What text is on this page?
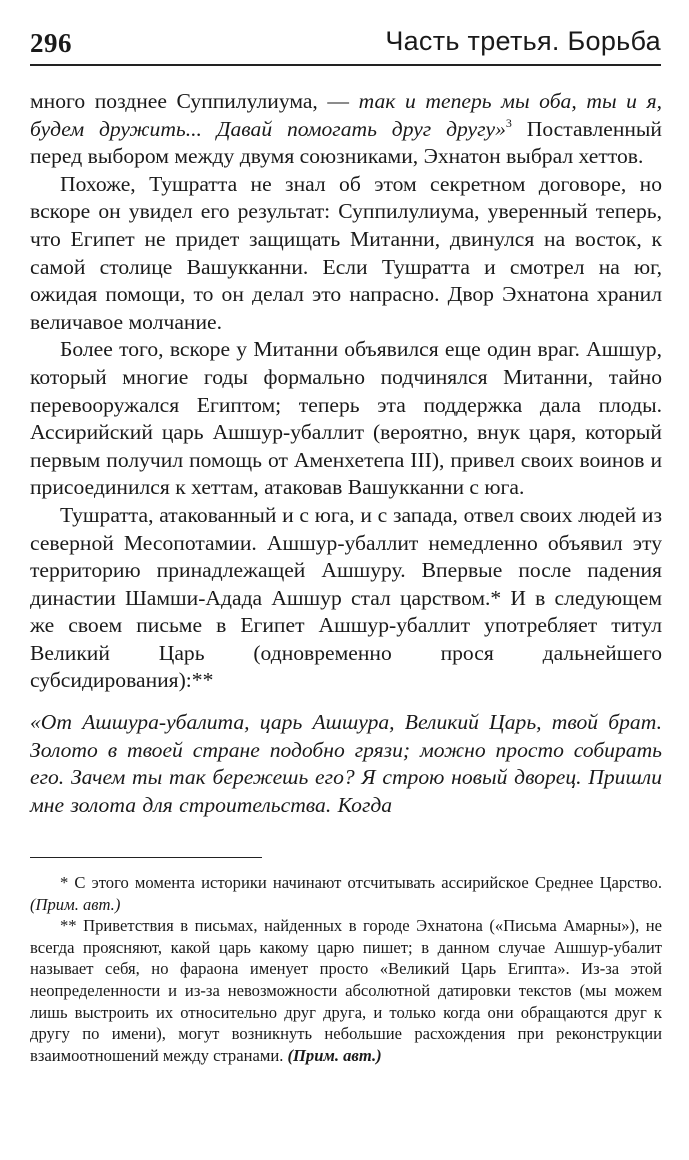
296	Часть третья. Борьба

много позднее Суппилулиума, — так и теперь мы оба, ты и я, будем дружить... Давай помогать друг другу»$^3$ Поставленный перед выбором между двумя союзниками, Эхнатон выбрал хеттов.

Похоже, Тушратта не знал об этом секретном договоре, но вскоре он увидел его результат: Суппилулиума, уверенный теперь, что Египет не придет защищать Митанни, двинулся на восток, к самой столице Вашукканни. Если Тушратта и смотрел на юг, ожидая помощи, то он делал это напрасно. Двор Эхнатона хранил величавое молчание.

Более того, вскоре у Митанни объявился еще один враг. Ашшур, который многие годы формально подчинялся Митанни, тайно перевооружался Египтом; теперь эта поддержка дала плоды. Ассирийский царь Ашшур-убаллит (вероятно, внук царя, который первым получил помощь от Аменхетепа III), привел своих воинов и присоединился к хеттам, атаковав Вашукканни с юга.

Тушратта, атакованный и с юга, и с запада, отвел своих людей из северной Месопотамии. Ашшур-убаллит немедленно объявил эту территорию принадлежащей Ашшуру. Впервые после падения династии Шамши-Адада Ашшур стал царством.* И в следующем же своем письме в Египет Ашшур-убаллит употребляет титул Великий Царь (одновременно прося дальнейшего субсидирования):**

«От Ашшура-убалита, царь Ашшура, Великий Царь, твой брат. Золото в твоей стране подобно грязи; можно просто собирать его. Зачем ты так бережешь его? Я строю новый дворец. Пришли мне золота для строительства. Когда

* С этого момента историки начинают отсчитывать ассирийское Среднее Царство. (Прим. авт.)

** Приветствия в письмах, найденных в городе Эхнатона («Письма Амарны»), не всегда проясняют, какой царь какому царю пишет; в данном случае Ашшур-убалит называет себя, но фараона именует просто «Великий Царь Египта». Из-за этой неопределенности и из-за невозможности абсолютной датировки текстов (мы можем лишь выстроить их относительно друг друга, и только когда они обращаются друг к другу по имени), могут возникнуть небольшие расхождения при реконструкции взаимоотношений между странами. (Прим. авт.)
